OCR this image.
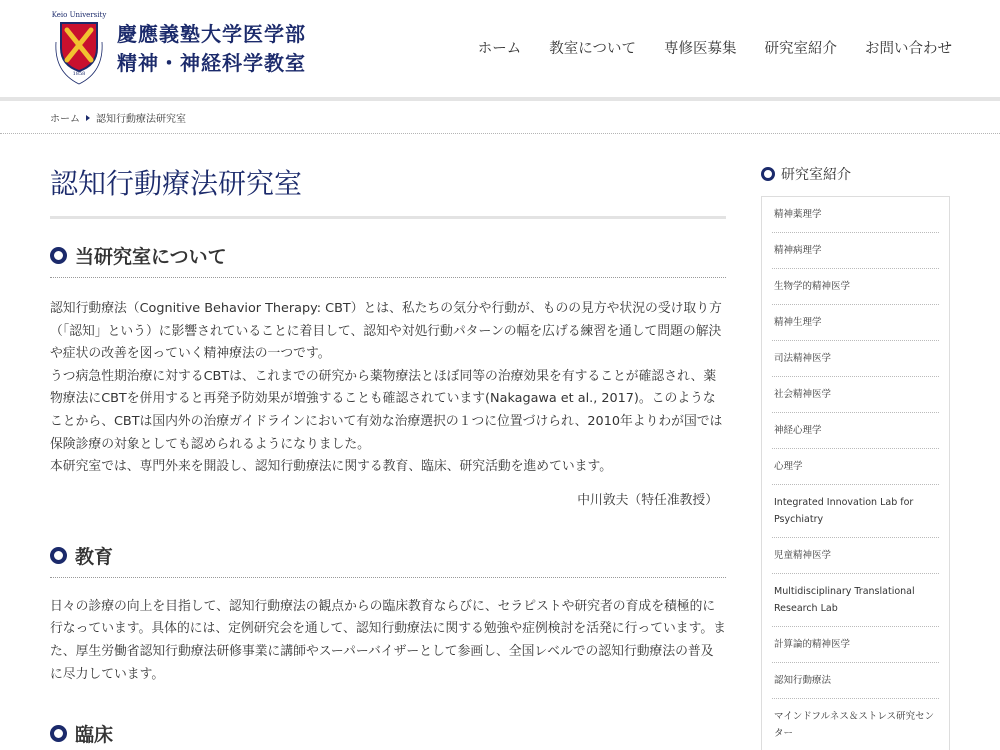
Keio University
1858
慶應義塾大学医学部
精神・神経科学教室
ホーム 教室について 専修医募集 研究室紹介 お問い合わせ
ホーム 認知行動療法研究室
認知行動療法研究室
当研究室について

認知行動療法（Cognitive Behavior Therapy: CBT）とは、私たちの気分や行動が、ものの見方や状況の受け取り方（「認知」という）に影響されていることに着目して、認知や対処行動パターンの幅を広げる練習を通して問題の解決や症状の改善を図っていく精神療法の一つです。

うつ病急性期治療に対するCBTは、これまでの研究から薬物療法とほぼ同等の治療効果を有することが確認され、薬物療法にCBTを併用すると再発予防効果が増強することも確認されています(Nakagawa et al., 2017)。このようなことから、CBTは国内外の治療ガイドラインにおいて有効な治療選択の１つに位置づけられ、2010年よりわが国では保険診療の対象としても認められるようになりました。

本研究室では、専門外来を開設し、認知行動療法に関する教育、臨床、研究活動を進めています。

中川敦夫（特任准教授）

教育

日々の診療の向上を目指して、認知行動療法の観点からの臨床教育ならびに、セラピストや研究者の育成を積極的に行なっています。具体的には、定例研究会を通して、認知行動療法に関する勉強や症例検討を活発に行っています。また、厚生労働省認知行動療法研修事業に講師やスーパーバイザーとして参画し、全国レベルでの認知行動療法の普及に尽力しています。

臨床
研究室紹介
精神薬理学
精神病理学
生物学的精神医学
精神生理学
司法精神医学
社会精神医学
神経心理学
心理学
Integrated Innovation Lab for Psychiatry
児童精神医学
Multidisciplinary Translational Research Lab
計算論的精神医学
認知行動療法
マインドフルネス＆ストレス研究センター
